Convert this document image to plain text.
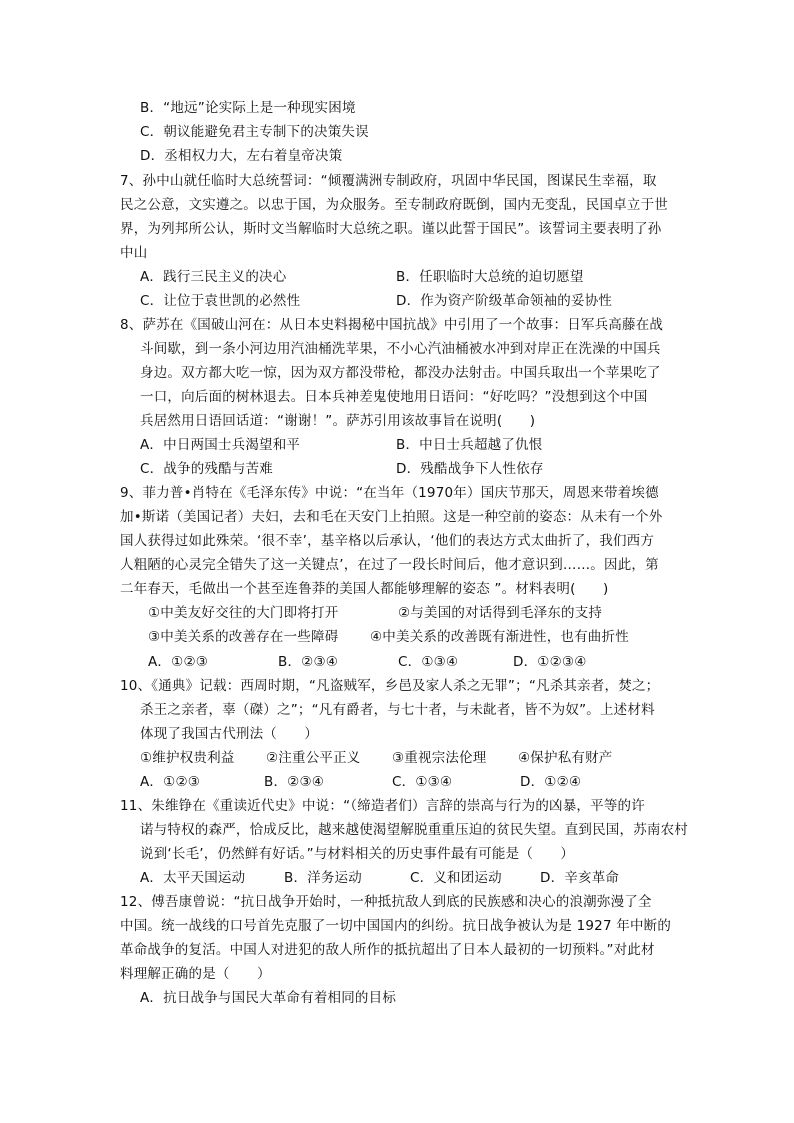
B．“地远”论实际上是一种现实困境
C．朝议能避免君主专制下的决策失误
D．丞相权力大，左右着皇帝决策
7、孙中山就任临时大总统誓词：“倾覆满洲专制政府，巩固中华民国，图谋民生幸福，取
民之公意，文实遵之。以忠于国，为众服务。至专制政府既倒，国内无变乱，民国卓立于世
界，为列邦所公认，斯时文当解临时大总统之职。谨以此誓于国民”。该誓词主要表明了孙
中山
A．践行三民主义的决心	B．任职临时大总统的迫切愿望
C．让位于袁世凯的必然性	D．作为资产阶级革命领袖的妥协性
8、萨苏在《国破山河在：从日本史料揭秘中国抗战》中引用了一个故事：日军兵高藤在战
斗间歇，到一条小河边用汽油桶洗苹果，不小心汽油桶被水冲到对岸正在洗澡的中国兵
身边。双方都大吃一惊，因为双方都没带枪，都没办法射击。中国兵取出一个苹果吃了
一口，向后面的树林退去。日本兵神差鬼使地用日语问：“好吃吗？”没想到这个中国
兵居然用日语回话道：“谢谢！”。萨苏引用该故事旨在说明(　　)
A．中日两国士兵渴望和平	B．中日士兵超越了仇恨
C．战争的残酷与苦难	D．残酷战争下人性依存
9、菲力普•肖特在《毛泽东传》中说：“在当年（1970年）国庆节那天，周恩来带着埃德
加•斯诺（美国记者）夫妇，去和毛在天安门上拍照。这是一种空前的姿态：从未有一个外
国人获得过如此殊荣。‘很不幸’，基辛格以后承认，‘他们的表达方式太曲折了，我们西方
人粗陋的心灵完全错失了这一关键点’，在过了一段长时间后，他才意识到……。因此，第
二年春天，毛做出一个甚至连鲁莽的美国人都能够理解的姿态 ”。材料表明(　　)
①中美友好交往的大门即将打开	②与美国的对话得到毛泽东的支持
③中美关系的改善存在一些障碍 ④中美关系的改善既有渐进性，也有曲折性
A．①②③	B．②③④	C．①③④	D．①②③④
10、《通典》记载：西周时期，“凡盗贼军，乡邑及家人杀之无罪”；“凡杀其亲者，焚之；
杀王之亲者，辜（磔）之”；“凡有爵者，与七十者，与未龀者，皆不为奴”。上述材料
体现了我国古代刑法（　　）
①维护权贵利益 ②注重公平正义 ③重视宗法伦理 ④保护私有财产
A．①②③	B．②③④	C．①③④	D．①②④
11、朱维铮在《重读近代史》中说：“（缔造者们）言辞的崇高与行为的凶暴，平等的许
诺与特权的森严，恰成反比，越来越使渴望解脱重重压迫的贫民失望。直到民国，苏南农村
说到‘长毛’，仍然鲜有好话。”与材料相关的历史事件最有可能是（　　）
A．太平天国运动	B．洋务运动	C．义和团运动	D．辛亥革命
12、傅吾康曾说：“抗日战争开始时，一种抵抗敌人到底的民族感和决心的浪潮弥漫了全
中国。统一战线的口号首先克服了一切中国国内的纠纷。抗日战争被认为是 1927 年中断的
革命战争的复活。中国人对进犯的敌人所作的抵抗超出了日本人最初的一切预料。”对此材
料理解正确的是（　　）
A．抗日战争与国民大革命有着相同的目标
